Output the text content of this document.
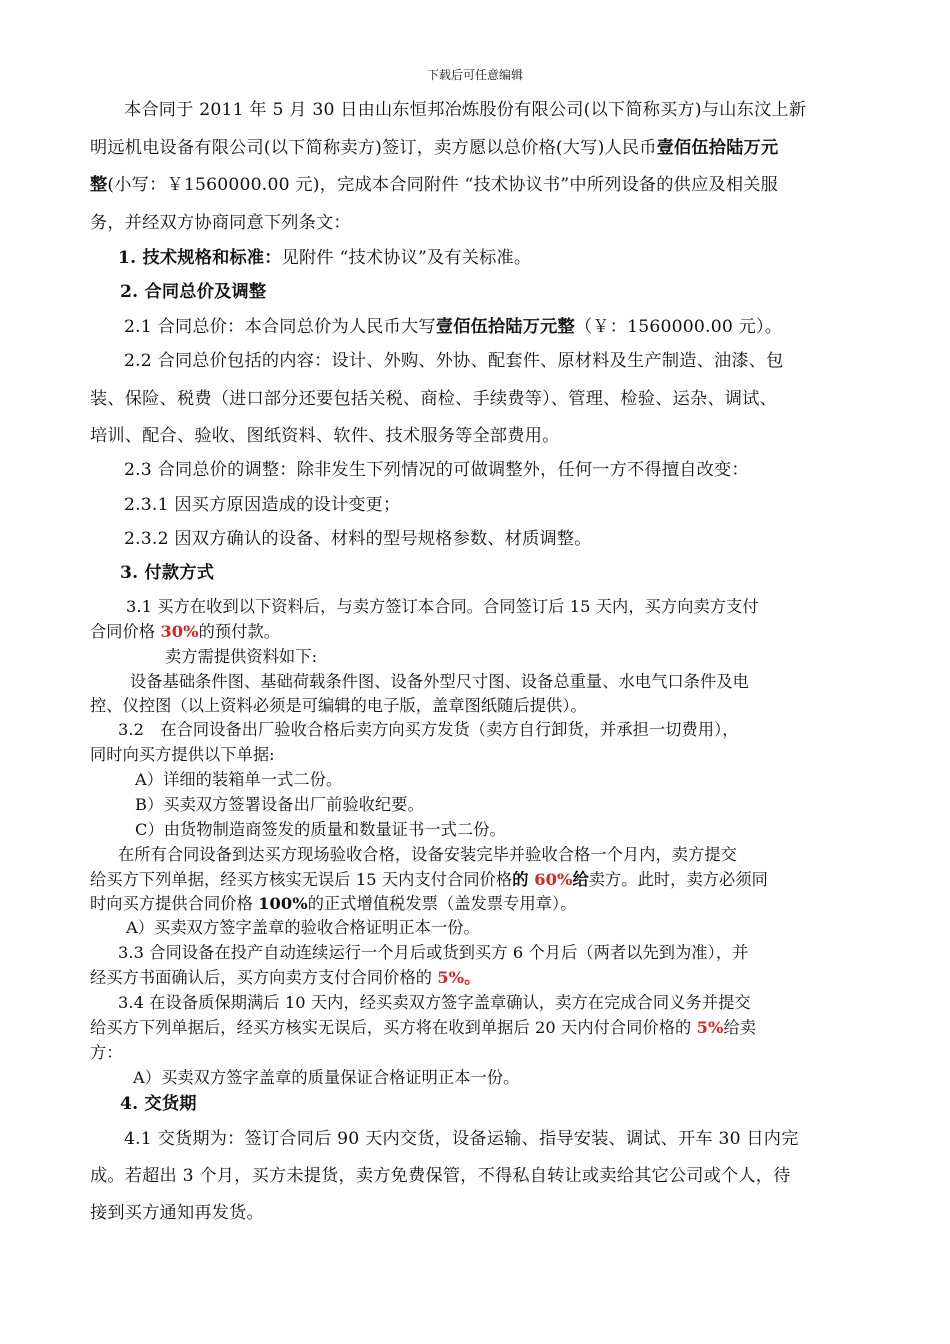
下载后可任意编辑

本合同于 2011 年 5 月 30 日由山东恒邦冶炼股份有限公司(以下简称买方)与山东汶上新

明远机电设备有限公司(以下简称卖方)签订，卖方愿以总价格(大写)人民币壹佰伍拾陆万元

整(小写：￥1560000.00 元)，完成本合同附件 “技术协议书”中所列设备的供应及相关服

务，并经双方协商同意下列条文：

1. 技术规格和标准：见附件 “技术协议”及有关标准。

2. 合同总价及调整

2.1 合同总价：本合同总价为人民币大写壹佰伍拾陆万元整（￥：1560000.00 元）。

2.2 合同总价包括的内容：设计、外购、外协、配套件、原材料及生产制造、油漆、包

装、保险、税费（进口部分还要包括关税、商检、手续费等）、管理、检验、运杂、调试、

培训、配合、验收、图纸资料、软件、技术服务等全部费用。

2.3 合同总价的调整：除非发生下列情况的可做调整外，任何一方不得擅自改变：

2.3.1 因买方原因造成的设计变更；

2.3.2 因双方确认的设备、材料的型号规格参数、材质调整。

3. 付款方式

3.1 买方在收到以下资料后，与卖方签订本合同。合同签订后 15 天内，买方向卖方支付

合同价格 30%的预付款。

卖方需提供资料如下:

设备基础条件图、基础荷载条件图、设备外型尺寸图、设备总重量、水电气口条件及电

控、仪控图（以上资料必须是可编辑的电子版，盖章图纸随后提供）。

3.2　在合同设备出厂验收合格后卖方向买方发货（卖方自行卸货，并承担一切费用），

同时向买方提供以下单据:

A）详细的装箱单一式二份。

B）买卖双方签署设备出厂前验收纪要。

C）由货物制造商签发的质量和数量证书一式二份。

在所有合同设备到达买方现场验收合格，设备安装完毕并验收合格一个月内，卖方提交

给买方下列单据，经买方核实无误后 15 天内支付合同价格的 60%给卖方。此时，卖方必须同

时向买方提供合同价格 100%的正式增值税发票（盖发票专用章）。

A）买卖双方签字盖章的验收合格证明正本一份。

3.3 合同设备在投产自动连续运行一个月后或货到买方 6 个月后（两者以先到为准），并

经买方书面确认后，买方向卖方支付合同价格的 5%。

3.4 在设备质保期满后 10 天内，经买卖双方签字盖章确认，卖方在完成合同义务并提交

给买方下列单据后，经买方核实无误后，买方将在收到单据后 20 天内付合同价格的 5%给卖

方：

A）买卖双方签字盖章的质量保证合格证明正本一份。

4. 交货期

4.1 交货期为：签订合同后 90 天内交货，设备运输、指导安装、调试、开车 30 日内完

成。若超出 3 个月，买方未提货，卖方免费保管，不得私自转让或卖给其它公司或个人，待

接到买方通知再发货。
